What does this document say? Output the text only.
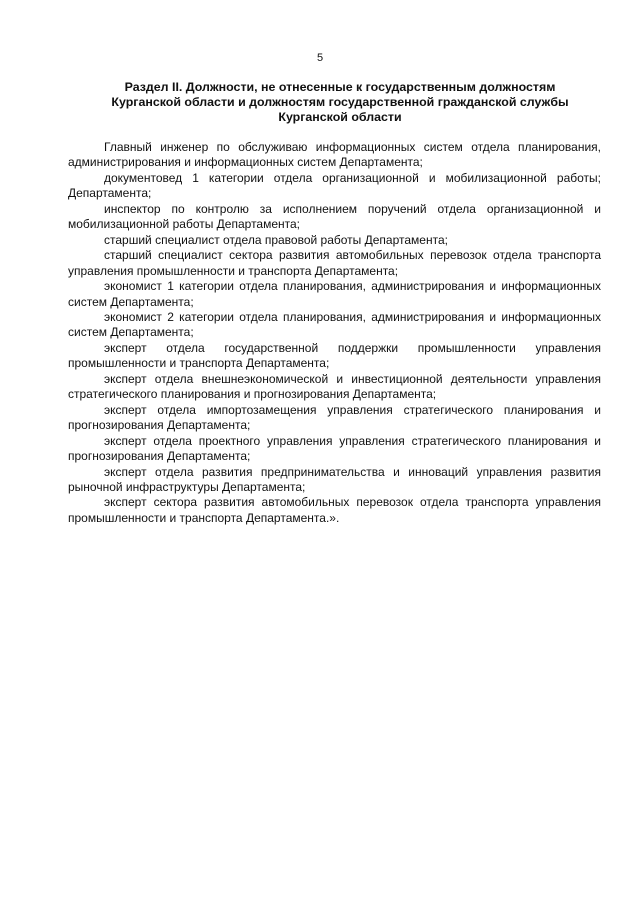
5
Раздел II. Должности, не отнесенные к государственным должностям
Курганской области и должностям государственной гражданской службы
Курганской области

Главный инженер по обслуживаю информационных систем отдела планирования, администрирования и информационных систем Департамента;

документовед 1 категории отдела организационной и мобилизационной работы; Департамента;

инспектор по контролю за исполнением поручений отдела организационной и мобилизационной работы Департамента;

старший специалист отдела правовой работы Департамента;

старший специалист сектора развития автомобильных перевозок отдела транспорта управления промышленности и транспорта Департамента;

экономист 1 категории отдела планирования, администрирования и информационных систем Департамента;

экономист 2 категории отдела планирования, администрирования и информационных систем Департамента;

эксперт отдела государственной поддержки промышленности управления промышленности и транспорта Департамента;

эксперт отдела внешнеэкономической и инвестиционной деятельности управления стратегического планирования и прогнозирования Департамента;

эксперт отдела импортозамещения управления стратегического планирования и прогнозирования Департамента;

эксперт отдела проектного управления управления стратегического планирования и прогнозирования Департамента;

эксперт отдела развития предпринимательства и инноваций управления развития рыночной инфраструктуры Департамента;

эксперт сектора развития автомобильных перевозок отдела транспорта управления промышленности и транспорта Департамента.».
